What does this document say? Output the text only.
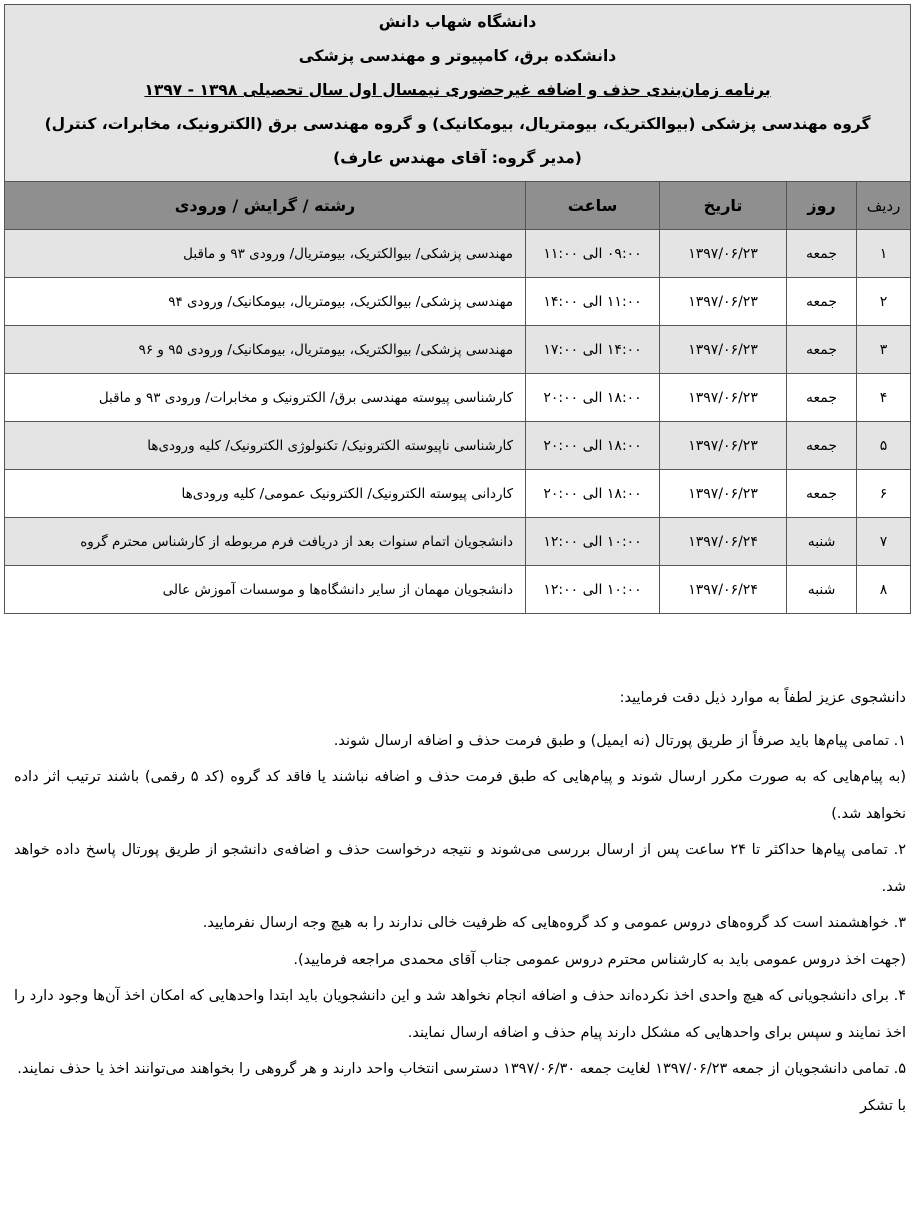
دانشگاه شهاب دانش
دانشکده برق، کامپیوتر و مهندسی پزشکی
برنامه زمان‌بندی حذف و اضافه غیرحضوری نیمسال اول سال تحصیلی ۱۳۹۸ - ۱۳۹۷
گروه مهندسی پزشکی (بیوالکتریک، بیومتریال، بیومکانیک) و گروه مهندسی برق (الکترونیک، مخابرات، کنترل)
(مدیر گروه: آقای مهندس عارف)				

ردیف	روز	تاریخ	ساعت	رشته / گرایش / ورودی
۱	جمعه	۱۳۹۷/۰۶/۲۳	۰۹:۰۰ الی ۱۱:۰۰	مهندسی پزشکی/ بیوالکتریک، بیومتریال/ ورودی ۹۳ و ماقبل
۲	جمعه	۱۳۹۷/۰۶/۲۳	۱۱:۰۰ الی ۱۴:۰۰	مهندسی پزشکی/ بیوالکتریک، بیومتریال، بیومکانیک/ ورودی ۹۴
۳	جمعه	۱۳۹۷/۰۶/۲۳	۱۴:۰۰ الی ۱۷:۰۰	مهندسی پزشکی/ بیوالکتریک، بیومتریال، بیومکانیک/ ورودی ۹۵ و ۹۶
۴	جمعه	۱۳۹۷/۰۶/۲۳	۱۸:۰۰ الی ۲۰:۰۰	کارشناسی پیوسته مهندسی برق/ الکترونیک و مخابرات/ ورودی ۹۳ و ماقبل
۵	جمعه	۱۳۹۷/۰۶/۲۳	۱۸:۰۰ الی ۲۰:۰۰	کارشناسی ناپیوسته الکترونیک/ تکنولوژی الکترونیک/ کلیه ورودی‌ها
۶	جمعه	۱۳۹۷/۰۶/۲۳	۱۸:۰۰ الی ۲۰:۰۰	کاردانی پیوسته الکترونیک/ الکترونیک عمومی/ کلیه ورودی‌ها
۷	شنبه	۱۳۹۷/۰۶/۲۴	۱۰:۰۰ الی ۱۲:۰۰	دانشجویان اتمام سنوات بعد از دریافت فرم مربوطه از کارشناس محترم گروه
۸	شنبه	۱۳۹۷/۰۶/۲۴	۱۰:۰۰ الی ۱۲:۰۰	دانشجویان مهمان از سایر دانشگاه‌ها و موسسات آموزش عالی

دانشجوی عزیز لطفاً به موارد ذیل دقت فرمایید:

۱. تمامی پیام‌ها باید صرفاً از طریق پورتال (نه ایمیل) و طبق فرمت حذف و اضافه ارسال شوند.

(به پیام‌هایی که به صورت مکرر ارسال شوند و پیام‌هایی که طبق فرمت حذف و اضافه نباشند یا فاقد کد گروه (کد ۵ رقمی) باشند ترتیب اثر داده نخواهد شد.)

۲. تمامی پیام‌ها حداکثر تا ۲۴ ساعت پس از ارسال بررسی می‌شوند و نتیجه درخواست حذف و اضافه‌ی دانشجو از طریق پورتال پاسخ داده خواهد شد.

۳. خواهشمند است کد گروه‌های دروس عمومی و کد گروه‌هایی که ظرفیت خالی ندارند را به هیچ وجه ارسال نفرمایید.

(جهت اخذ دروس عمومی باید به کارشناس محترم دروس عمومی جناب آقای محمدی مراجعه فرمایید).

۴. برای دانشجویانی که هیچ واحدی اخذ نکرده‌اند حذف و اضافه انجام نخواهد شد و این دانشجویان باید ابتدا واحدهایی که امکان اخذ آن‌ها وجود دارد را اخذ نمایند و سپس برای واحدهایی که مشکل دارند پیام حذف و اضافه ارسال نمایند.

۵. تمامی دانشجویان از جمعه ۱۳۹۷/۰۶/۲۳ لغایت جمعه ۱۳۹۷/۰۶/۳۰ دسترسی انتخاب واحد دارند و هر گروهی را بخواهند می‌توانند اخذ یا حذف نمایند.

با تشکر
